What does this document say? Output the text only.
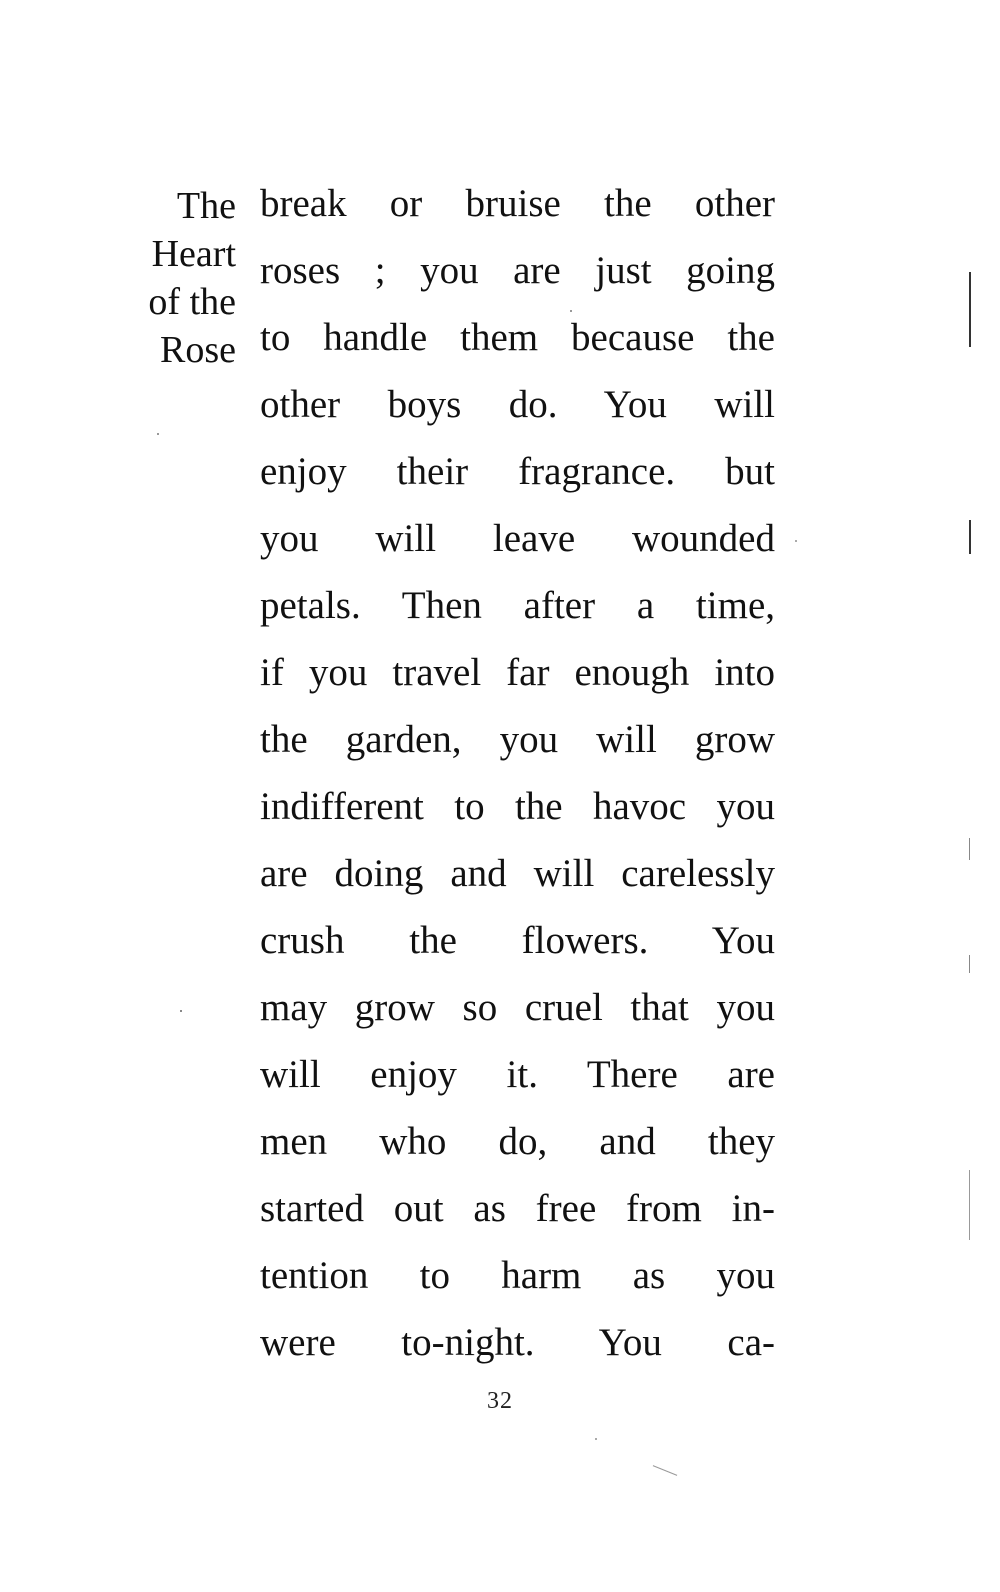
The
Heart
of the
Rose
break or bruise the other
roses ; you are just going
to handle them because the
other boys do. You will
enjoy their fragrance. but
you will leave wounded
petals. Then after a time,
if you travel far enough into
the garden, you will grow
indifferent to the havoc you
are doing and will carelessly
crush the flowers. You
may grow so cruel that you
will enjoy it. There are
men who do, and they
started out as free from in-
tention to harm as you
were to-night. You ca-
32
